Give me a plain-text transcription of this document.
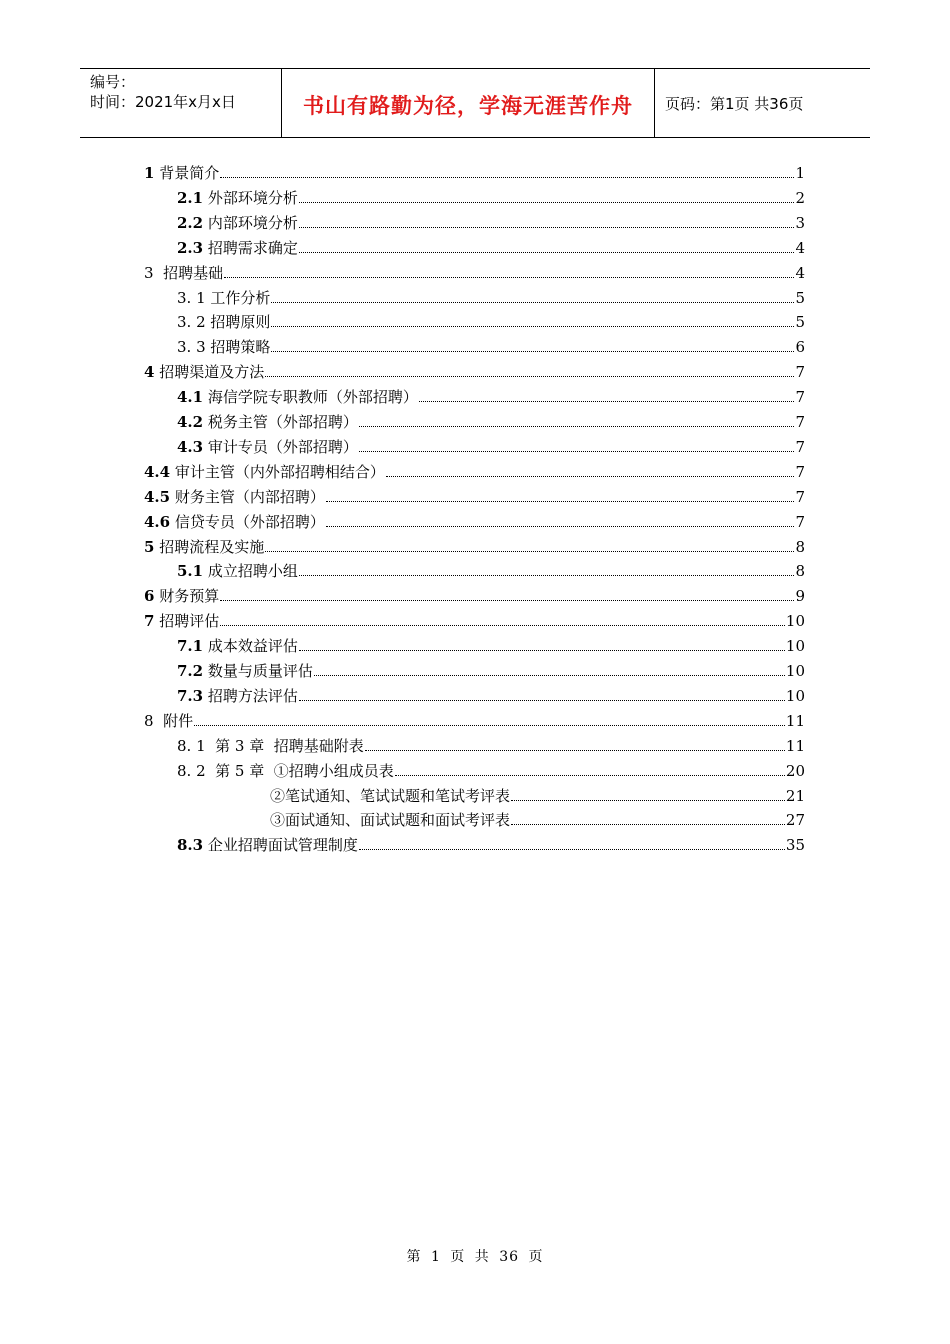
编号：
时间：2021年x月x日	书山有路勤为径，学海无涯苦作舟 页码：第1页 共36页
1 背景简介	1
2.1 外部环境分析	2
2.2 内部环境分析	3
2.3 招聘需求确定	4
3 招聘基础	4
3. 1 工作分析	5
3. 2 招聘原则	5
3. 3 招聘策略	6
4 招聘渠道及方法	7
4.1 海信学院专职教师（外部招聘）	7
4.2 税务主管（外部招聘）	7
4.3 审计专员（外部招聘）	7
4.4 审计主管（内外部招聘相结合）	7
4.5 财务主管（内部招聘）	7
4.6 信贷专员（外部招聘）	7
5 招聘流程及实施	8
5.1 成立招聘小组	8
6 财务预算	9
7 招聘评估	10
7.1 成本效益评估	10
7.2 数量与质量评估	10
7.3 招聘方法评估	10
8 附件	11
8. 1 第 3 章  招聘基础附表	11
8. 2 第 5 章  ①招聘小组成员表	20
②笔试通知、笔试试题和笔试考评表	21
③面试通知、面试试题和面试考评表	27
8.3 企业招聘面试管理制度	35
第 1 页 共 36 页
